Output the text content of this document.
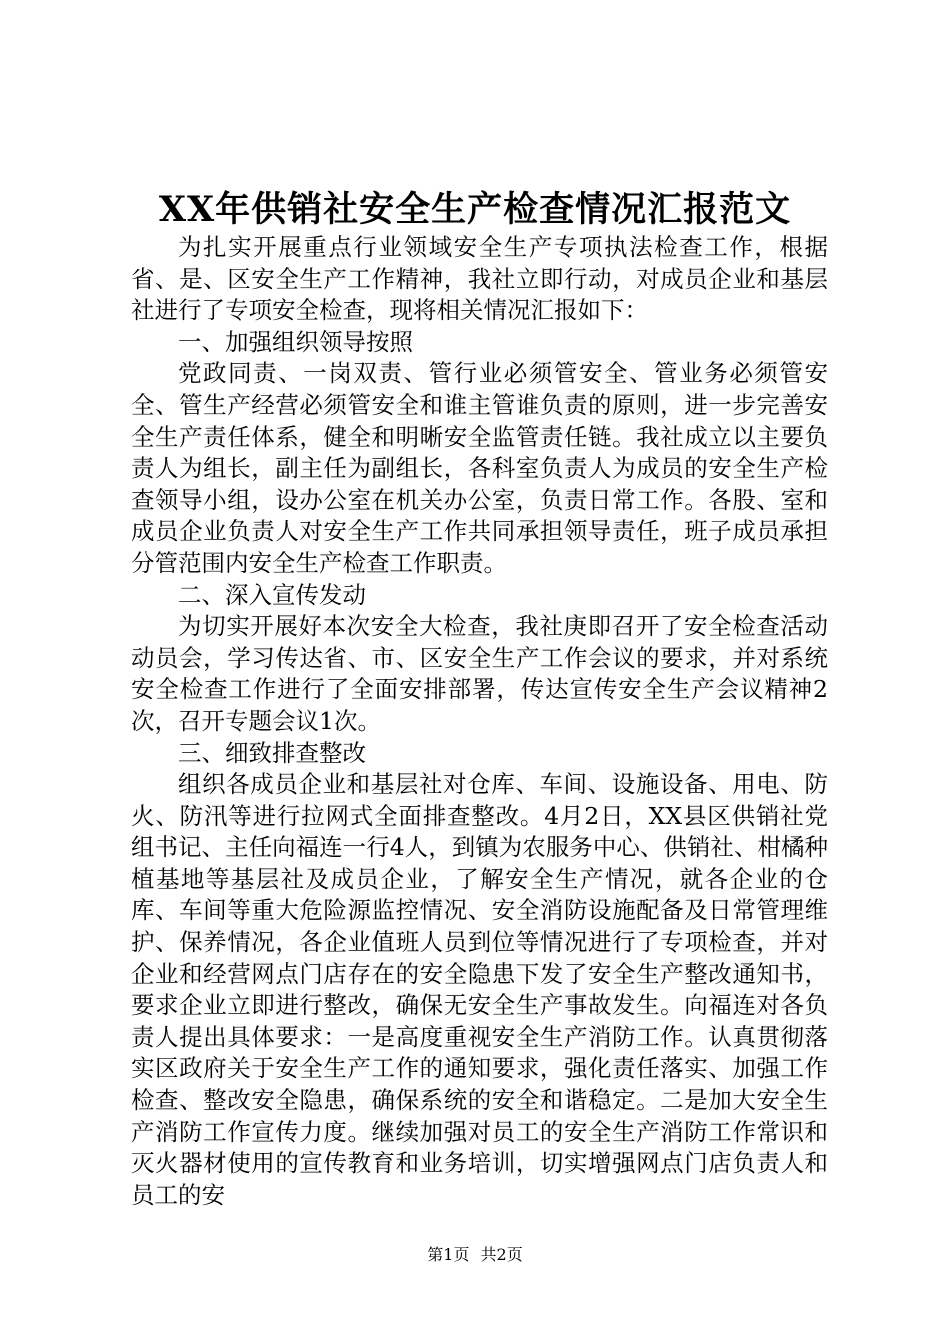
XX年供销社安全生产检查情况汇报范文

为扎实开展重点行业领域安全生产专项执法检查工作，根据省、是、区安全生产工作精神，我社立即行动，对成员企业和基层社进行了专项安全检查，现将相关情况汇报如下：

一、加强组织领导按照

党政同责、一岗双责、管行业必须管安全、管业务必须管安全、管生产经营必须管安全和谁主管谁负责的原则，进一步完善安全生产责任体系，健全和明晰安全监管责任链。我社成立以主要负责人为组长，副主任为副组长，各科室负责人为成员的安全生产检查领导小组，设办公室在机关办公室，负责日常工作。各股、室和成员企业负责人对安全生产工作共同承担领导责任，班子成员承担分管范围内安全生产检查工作职责。

二、深入宣传发动

为切实开展好本次安全大检查，我社庚即召开了安全检查活动动员会，学习传达省、市、区安全生产工作会议的要求，并对系统安全检查工作进行了全面安排部署，传达宣传安全生产会议精神2次，召开专题会议1次。

三、细致排查整改

组织各成员企业和基层社对仓库、车间、设施设备、用电、防火、防汛等进行拉网式全面排查整改。4月2日，XX县区供销社党组书记、主任向福连一行4人，到镇为农服务中心、供销社、柑橘种植基地等基层社及成员企业，了解安全生产情况，就各企业的仓库、车间等重大危险源监控情况、安全消防设施配备及日常管理维护、保养情况，各企业值班人员到位等情况进行了专项检查，并对企业和经营网点门店存在的安全隐患下发了安全生产整改通知书，要求企业立即进行整改，确保无安全生产事故发生。向福连对各负责人提出具体要求：一是高度重视安全生产消防工作。认真贯彻落实区政府关于安全生产工作的通知要求，强化责任落实、加强工作检查、整改安全隐患，确保系统的安全和谐稳定。二是加大安全生产消防工作宣传力度。继续加强对员工的安全生产消防工作常识和灭火器材使用的宣传教育和业务培训，切实增强网点门店负责人和员工的安

第1页 共2页
